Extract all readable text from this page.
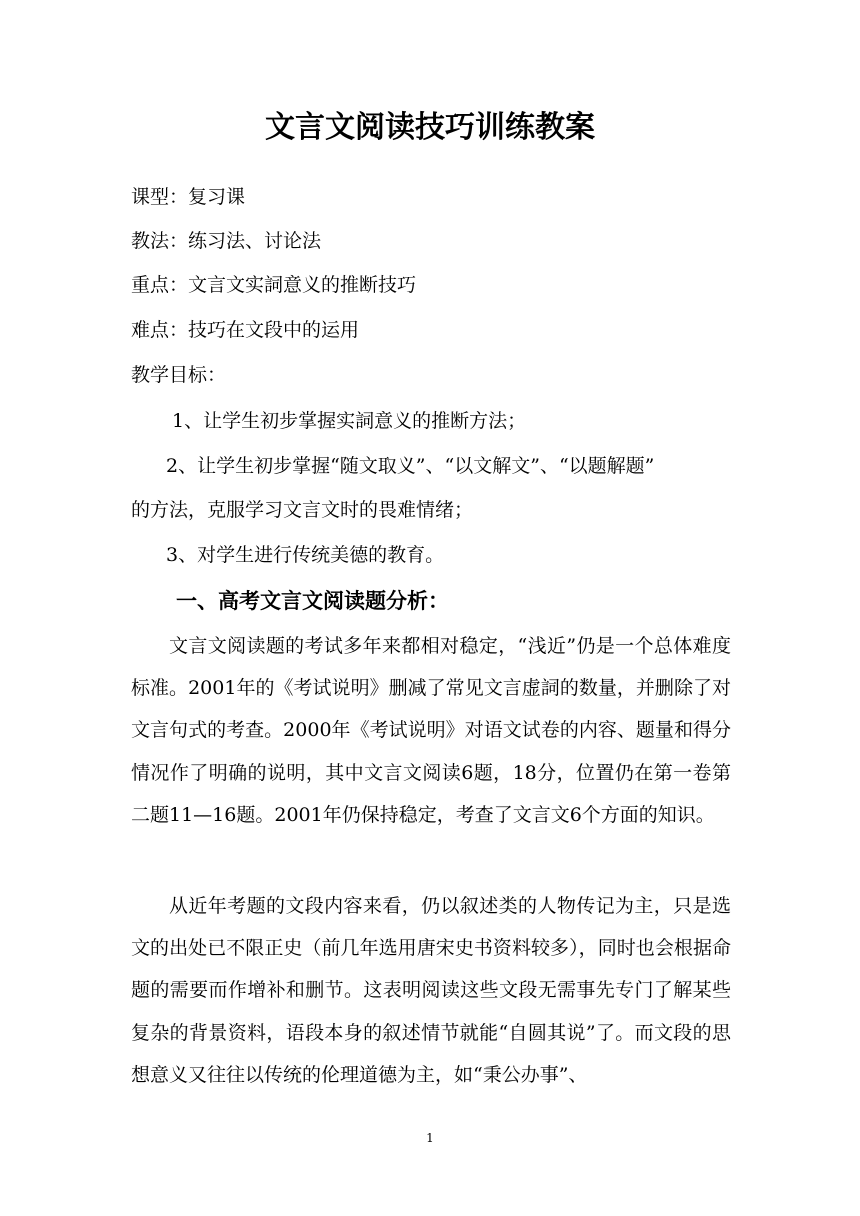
文言文阅读技巧训练教案
课型：复习课
教法：练习法、讨论法
重点：文言文实詞意义的推断技巧
难点：技巧在文段中的运用
教学目标：
1、让学生初步掌握实詞意义的推断方法；
2、让学生初步掌握“随文取义”、“以文解文”、“以题解题”
的方法，克服学习文言文时的畏难情绪；
3、对学生进行传统美德的教育。
一、高考文言文阅读题分析：
文言文阅读题的考试多年来都相对稳定，“浅近”仍是一个总体难度标准。2001年的《考试说明》删减了常见文言虚詞的数量，并删除了对文言句式的考查。2000年《考试说明》对语文试卷的内容、题量和得分情况作了明确的说明，其中文言文阅读6题，18分，位置仍在第一卷第二题11—16题。2001年仍保持稳定，考查了文言文6个方面的知识。
从近年考题的文段内容来看，仍以叙述类的人物传记为主，只是选文的出处已不限正史（前几年选用唐宋史书资料较多），同时也会根据命题的需要而作增补和删节。这表明阅读这些文段无需事先专门了解某些复杂的背景资料，语段本身的叙述情节就能“自圆其说”了。而文段的思想意义又往往以传统的伦理道德为主，如“秉公办事”、
1
